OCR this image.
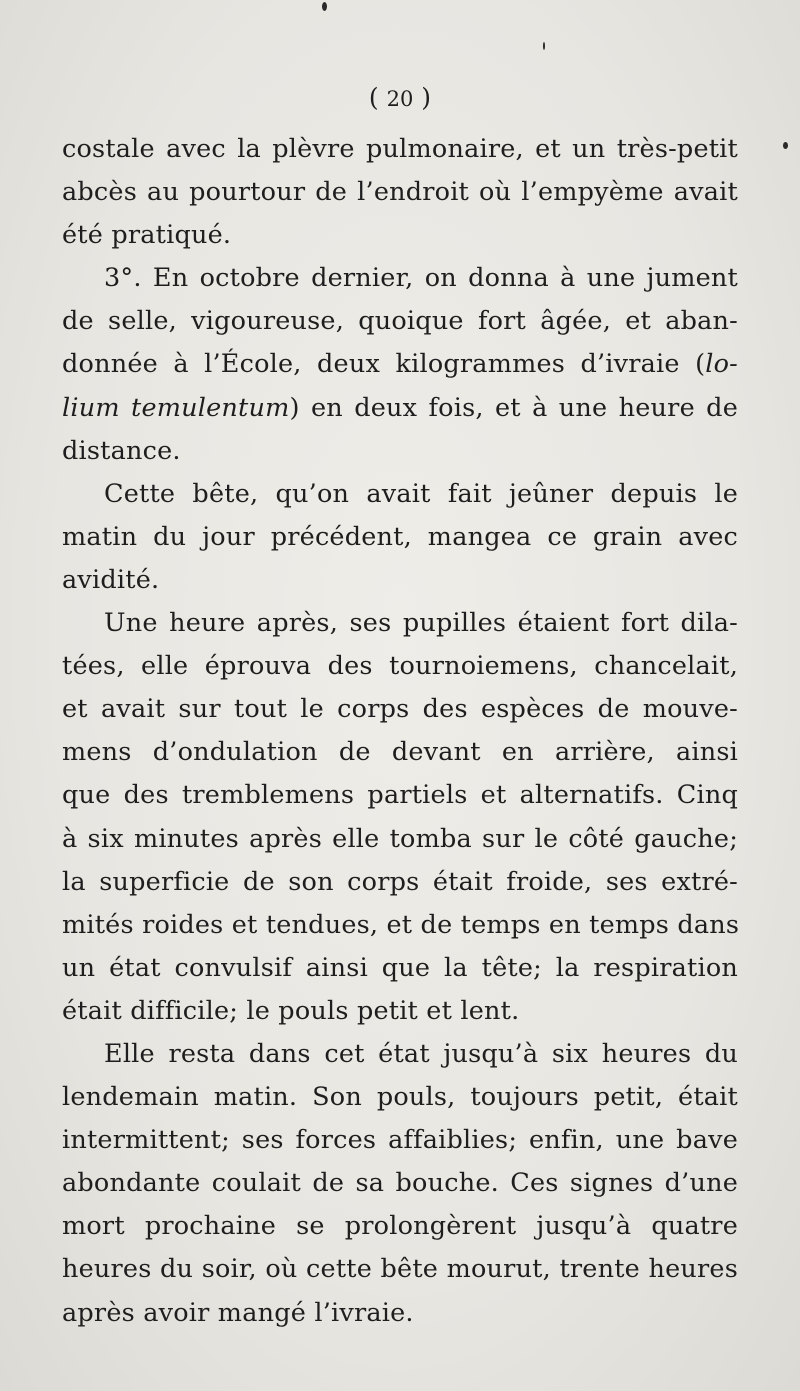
( 20 )
costale avec la plèvre pulmonaire, et un très-petit
abcès au pourtour de l’endroit où l’empyème avait
été pratiqué.
3°. En octobre dernier, on donna à une jument
de selle, vigoureuse, quoique fort âgée, et aban-
donnée à l’École, deux kilogrammes d’ivraie (lo-
lium temulentum) en deux fois, et à une heure de
distance.
Cette bête, qu’on avait fait jeûner depuis le
matin du jour précédent, mangea ce grain avec
avidité.
Une heure après, ses pupilles étaient fort dila-
tées, elle éprouva des tournoiemens, chancelait,
et avait sur tout le corps des espèces de mouve-
mens d’ondulation de devant en arrière, ainsi
que des tremblemens partiels et alternatifs. Cinq
à six minutes après elle tomba sur le côté gauche;
la superficie de son corps était froide, ses extré-
mités roides et tendues, et de temps en temps dans
un état convulsif ainsi que la tête; la respiration
était difficile; le pouls petit et lent.
Elle resta dans cet état jusqu’à six heures du
lendemain matin. Son pouls, toujours petit, était
intermittent; ses forces affaiblies; enfin, une bave
abondante coulait de sa bouche. Ces signes d’une
mort prochaine se prolongèrent jusqu’à quatre
heures du soir, où cette bête mourut, trente heures
après avoir mangé l’ivraie.
